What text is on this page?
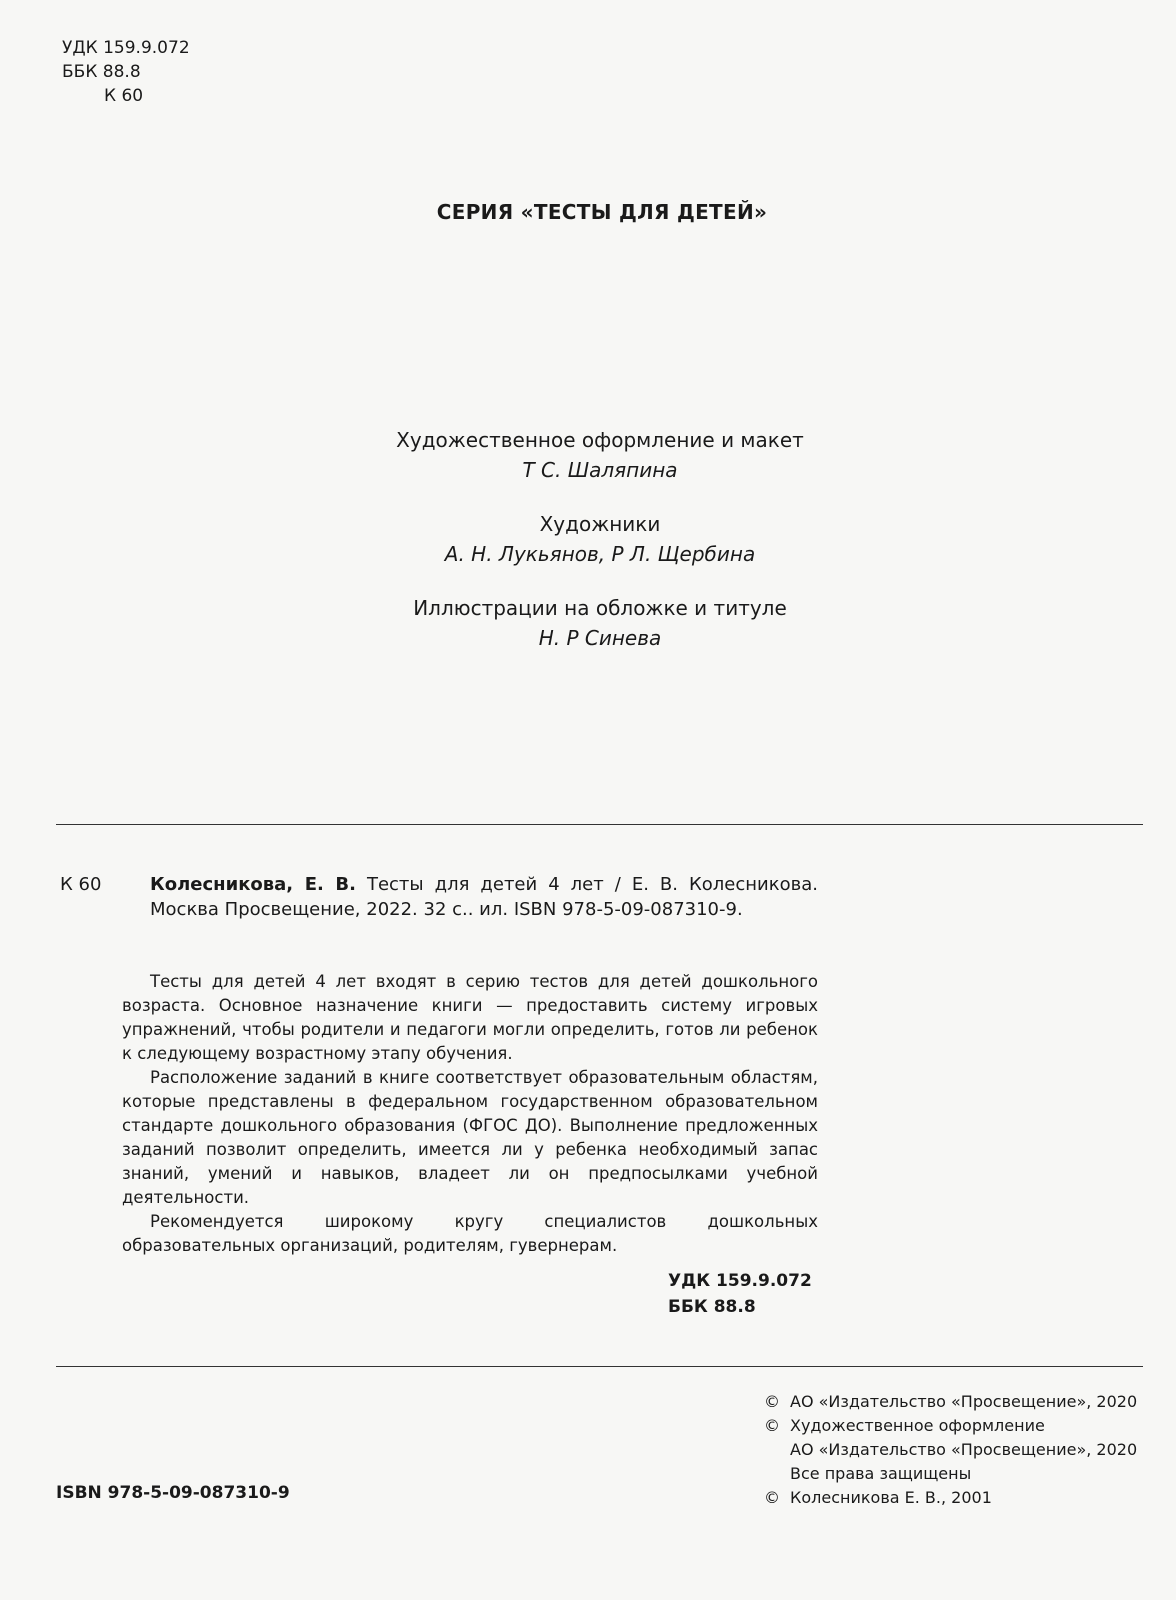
УДК 159.9.072
ББК 88.8
К 60
СЕРИЯ «ТЕСТЫ ДЛЯ ДЕТЕЙ»
Художественное оформление и макет
Т С. Шаляпина
Художники
А. Н. Лукьянов, Р Л. Щербина
Иллюстрации на обложке и титуле
Н. Р Синева
К 60	Колесникова, Е. В. Тесты для детей 4 лет / Е. В. Колесникова. Москва Просвещение, 2022. 32 с.. ил. ISBN 978-5-09-087310-9.

Тесты для детей 4 лет входят в серию тестов для детей дошкольного возраста. Основное назначение книги — предоставить систему игровых упражнений, чтобы родители и педагоги могли определить, готов ли ребенок к следующему возрастному этапу обучения.

Расположение заданий в книге соответствует образовательным областям, которые представлены в федеральном государственном образовательном стандарте дошкольного образования (ФГОС ДО). Выполнение предложенных заданий позволит определить, имеется ли у ребенка необходимый запас знаний, умений и навыков, владеет ли он предпосылками учебной деятельности.

Рекомендуется широкому кругу специалистов дошкольных образовательных организаций, родителям, гувернерам.

УДК 159.9.072
ББК 88.8
ISBN 978-5-09-087310-9
© АО «Издательство «Просвещение», 2020
© Художественное оформление
АО «Издательство «Просвещение», 2020
Все права защищены
© Колесникова Е. В., 2001
